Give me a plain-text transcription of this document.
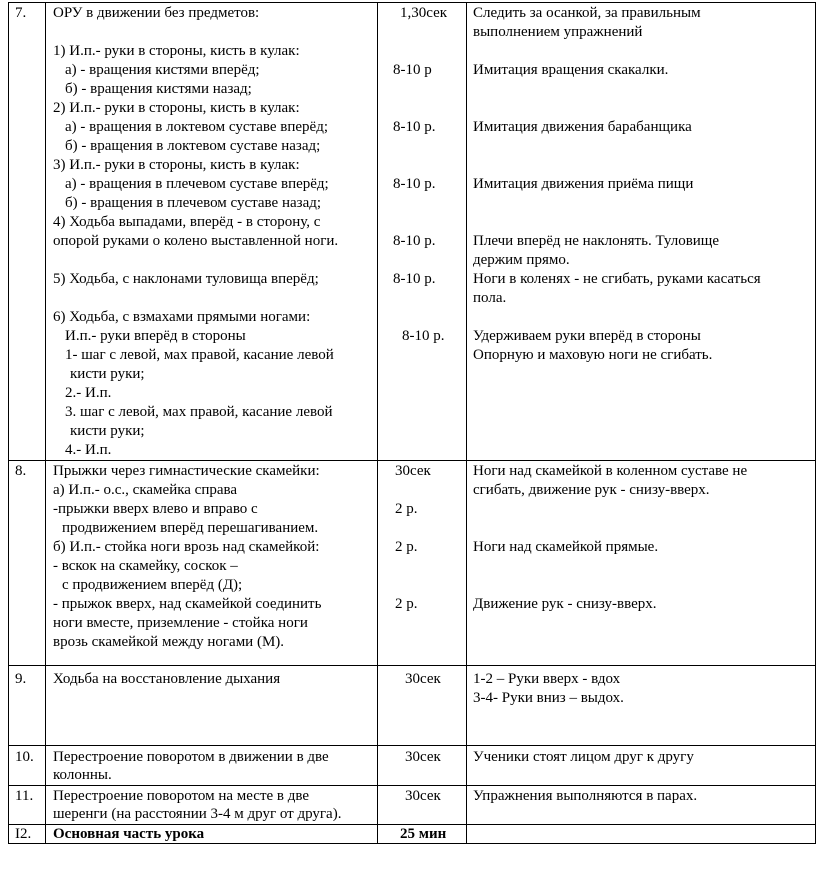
7. ОРУ в движении без предметов:
1) И.п.- руки в стороны, кисть в кулак:
а) - вращения кистями вперёд;
б) - вращения кистями назад;
2) И.п.- руки в стороны, кисть в кулак:
а) - вращения в локтевом суставе вперёд;
б) - вращения в локтевом суставе назад;
3) И.п.- руки в стороны, кисть в кулак:
а) - вращения в плечевом суставе вперёд;
б) - вращения в плечевом суставе назад;
4) Ходьба выпадами, вперёд - в сторону, с
опорой руками о колено выставленной ноги.
5) Ходьба, с наклонами туловища вперёд;
6) Ходьба, с взмахами прямыми ногами:
И.п.- руки вперёд в стороны
1- шаг с левой, мах правой, касание левой
кисти руки;
2.- И.п.
3. шаг с левой, мах правой, касание левой
кисти руки;
4.- И.п.
1,30сек
8-10 р
8-10 р.
8-10 р.
8-10 р.
8-10 р.
8-10 р.
Следить за осанкой, за правильным
выполнением упражнений
Имитация вращения скакалки.
Имитация движения барабанщика
Имитация движения приёма пищи
Плечи вперёд не наклонять. Туловище
держим прямо.
Ноги в коленях - не сгибать, руками касаться
пола.
Удерживаем руки вперёд в стороны
Опорную и маховую ноги не сгибать.
8. Прыжки через гимнастические скамейки:
а) И.п.- о.с., скамейка справа
-прыжки вверх влево и вправо с
продвижением вперёд перешагиванием.
б) И.п.- стойка ноги врозь над скамейкой:
- вскок на скамейку, соскок –
с продвижением вперёд (Д);
- прыжок вверх, над скамейкой соединить
ноги вместе, приземление - стойка ноги
врозь скамейкой между ногами (М).
30сек
2 р.
2 р.
2 р.
Ноги над скамейкой в коленном суставе не
сгибать, движение рук - снизу-вверх.
Ноги над скамейкой прямые.
Движение рук - снизу-вверх.
9. Ходьба на восстановление дыхания	30сек 1-2 – Руки вверх - вдох
3-4- Руки вниз – выдох.
10. Перестроение поворотом в движении в две
колонны.
30сек Ученики стоят лицом друг к другу
11. Перестроение поворотом на месте в две
шеренги (на расстоянии 3-4 м друг от друга).
30сек Упражнения выполняются в парах.
I2. Основная часть урока	25 мин
